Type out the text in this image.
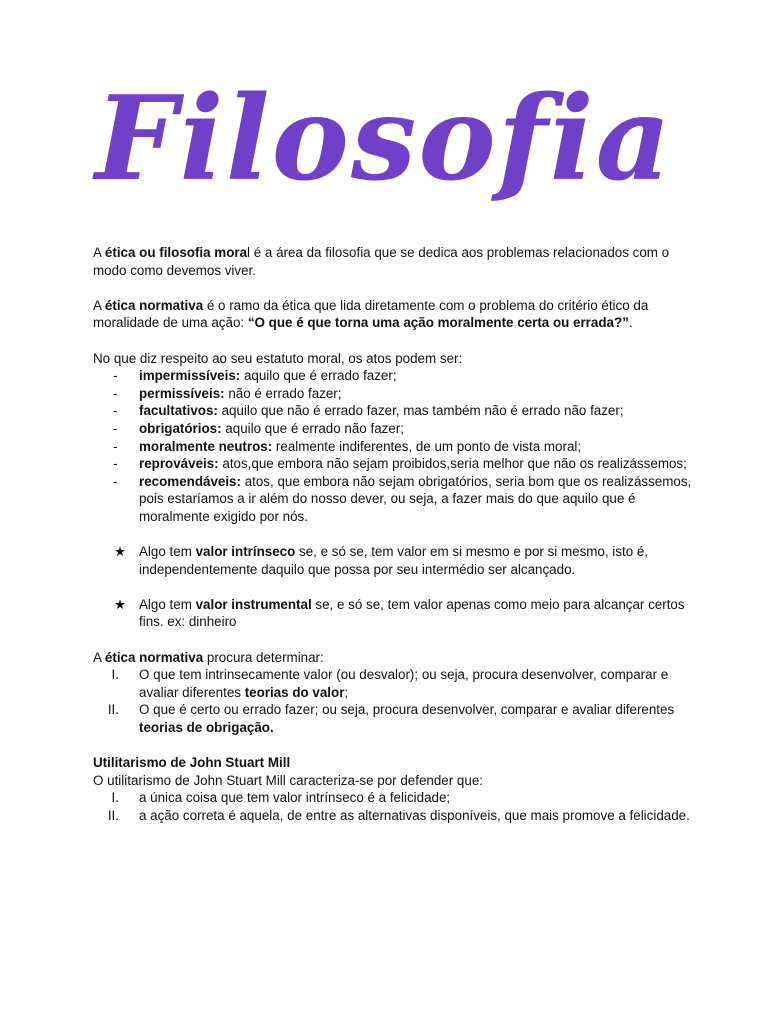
Filosofia

A ética ou filosofia moral é a área da filosofia que se dedica aos problemas relacionados com o modo como devemos viver.

A ética normativa é o ramo da ética que lida diretamente com o problema do critério ético da moralidade de uma ação: “O que é que torna uma ação moralmente certa ou errada?”.

No que diz respeito ao seu estatuto moral, os atos podem ser:

- impermissíveis: aquilo que é errado fazer;
- permissíveis: não é errado fazer;
- facultativos: aquilo que não é errado fazer, mas também não é errado não fazer;
- obrigatórios: aquilo que é errado não fazer;
- moralmente neutros: realmente indiferentes, de um ponto de vista moral;
- reprováveis: atos,que embora não sejam proibidos,seria melhor que não os realizássemos;
- recomendáveis: atos, que embora não sejam obrigatórios, seria bom que os realizássemos, pois estaríamos a ir além do nosso dever, ou seja, a fazer mais do que aquilo que é moralmente exigido por nós.
★ Algo tem valor intrínseco se, e só se, tem valor em si mesmo e por si mesmo, isto é, independentemente daquilo que possa por seu intermédio ser alcançado.
★ Algo tem valor instrumental se, e só se, tem valor apenas como meio para alcançar certos fins. ex: dinheiro

A ética normativa procura determinar:

I. O que tem intrinsecamente valor (ou desvalor); ou seja, procura desenvolver, comparar e avaliar diferentes teorias do valor;
II. O que é certo ou errado fazer; ou seja, procura desenvolver, comparar e avaliar diferentes teorias de obrigação.

Utilitarismo de John Stuart Mill

O utilitarismo de John Stuart Mill caracteriza-se por defender que:

I. a única coisa que tem valor intrínseco é a felicidade;
II. a ação correta é aquela, de entre as alternativas disponíveis, que mais promove a felicidade.
